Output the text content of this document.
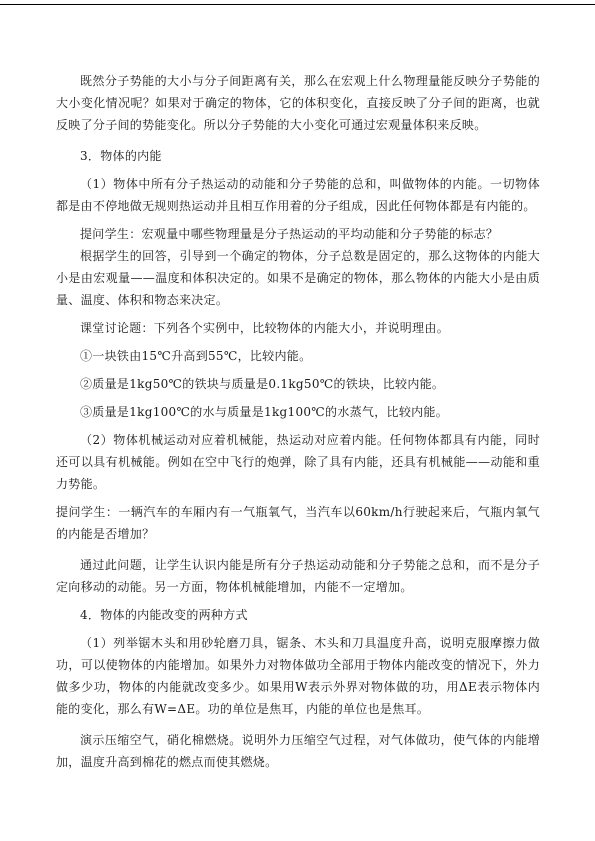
既然分子势能的大小与分子间距离有关，那么在宏观上什么物理量能反映分子势能的大小变化情况呢？如果对于确定的物体，它的体积变化，直接反映了分子间的距离，也就反映了分子间的势能变化。所以分子势能的大小变化可通过宏观量体积来反映。

3．物体的内能

（1）物体中所有分子热运动的动能和分子势能的总和，叫做物体的内能。一切物体都是由不停地做无规则热运动并且相互作用着的分子组成，因此任何物体都是有内能的。

提问学生：宏观量中哪些物理量是分子热运动的平均动能和分子势能的标志？

根据学生的回答，引导到一个确定的物体，分子总数是固定的，那么这物体的内能大小是由宏观量——温度和体积决定的。如果不是确定的物体，那么物体的内能大小是由质量、温度、体积和物态来决定。

课堂讨论题：下列各个实例中，比较物体的内能大小，并说明理由。

①一块铁由15℃升高到55℃，比较内能。

②质量是1kg50℃的铁块与质量是0.1kg50℃的铁块，比较内能。

③质量是1kg100℃的水与质量是1kg100℃的水蒸气，比较内能。

（2）物体机械运动对应着机械能，热运动对应着内能。任何物体都具有内能，同时还可以具有机械能。例如在空中飞行的炮弹，除了具有内能，还具有机械能——动能和重力势能。

提问学生：一辆汽车的车厢内有一气瓶氧气，当汽车以60km/h行驶起来后，气瓶内氧气的内能是否增加？

通过此问题，让学生认识内能是所有分子热运动动能和分子势能之总和，而不是分子定向移动的动能。另一方面，物体机械能增加，内能不一定增加。

4．物体的内能改变的两种方式

（1）列举锯木头和用砂轮磨刀具，锯条、木头和刀具温度升高，说明克服摩擦力做功，可以使物体的内能增加。如果外力对物体做功全部用于物体内能改变的情况下，外力做多少功，物体的内能就改变多少。如果用W表示外界对物体做的功，用ΔE表示物体内能的变化，那么有W=ΔE。功的单位是焦耳，内能的单位也是焦耳。

演示压缩空气，硝化棉燃烧。说明外力压缩空气过程，对气体做功，使气体的内能增加，温度升高到棉花的燃点而使其燃烧。
